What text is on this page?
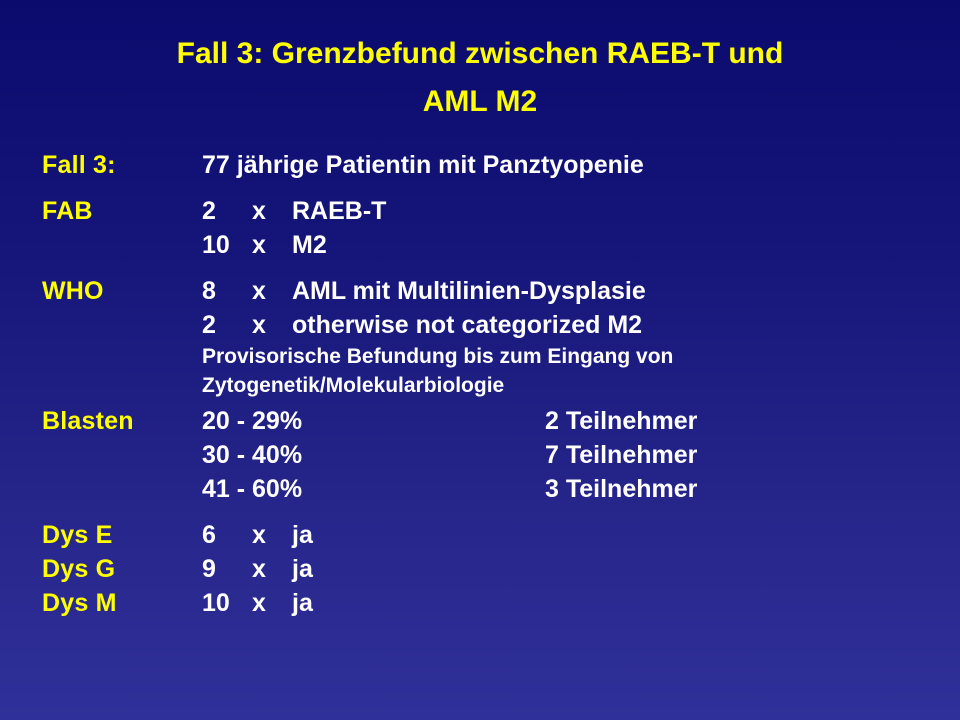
Fall 3: Grenzbefund zwischen RAEB-T und
AML M2
Fall 3:	77 jährige Patientin mit Panztyopenie
FAB	2	x	RAEB-T
10 x	M2
WHO	8	x	AML mit Multilinien-Dysplasie
2	x	otherwise not categorized M2
Provisorische Befundung bis zum Eingang von
Zytogenetik/Molekularbiologie
Blasten	20 - 29%	2 Teilnehmer
30 - 40%	7 Teilnehmer
41 - 60%	3 Teilnehmer
Dys E	6	x	ja
Dys G	9	x	ja
Dys M	10 x	ja
